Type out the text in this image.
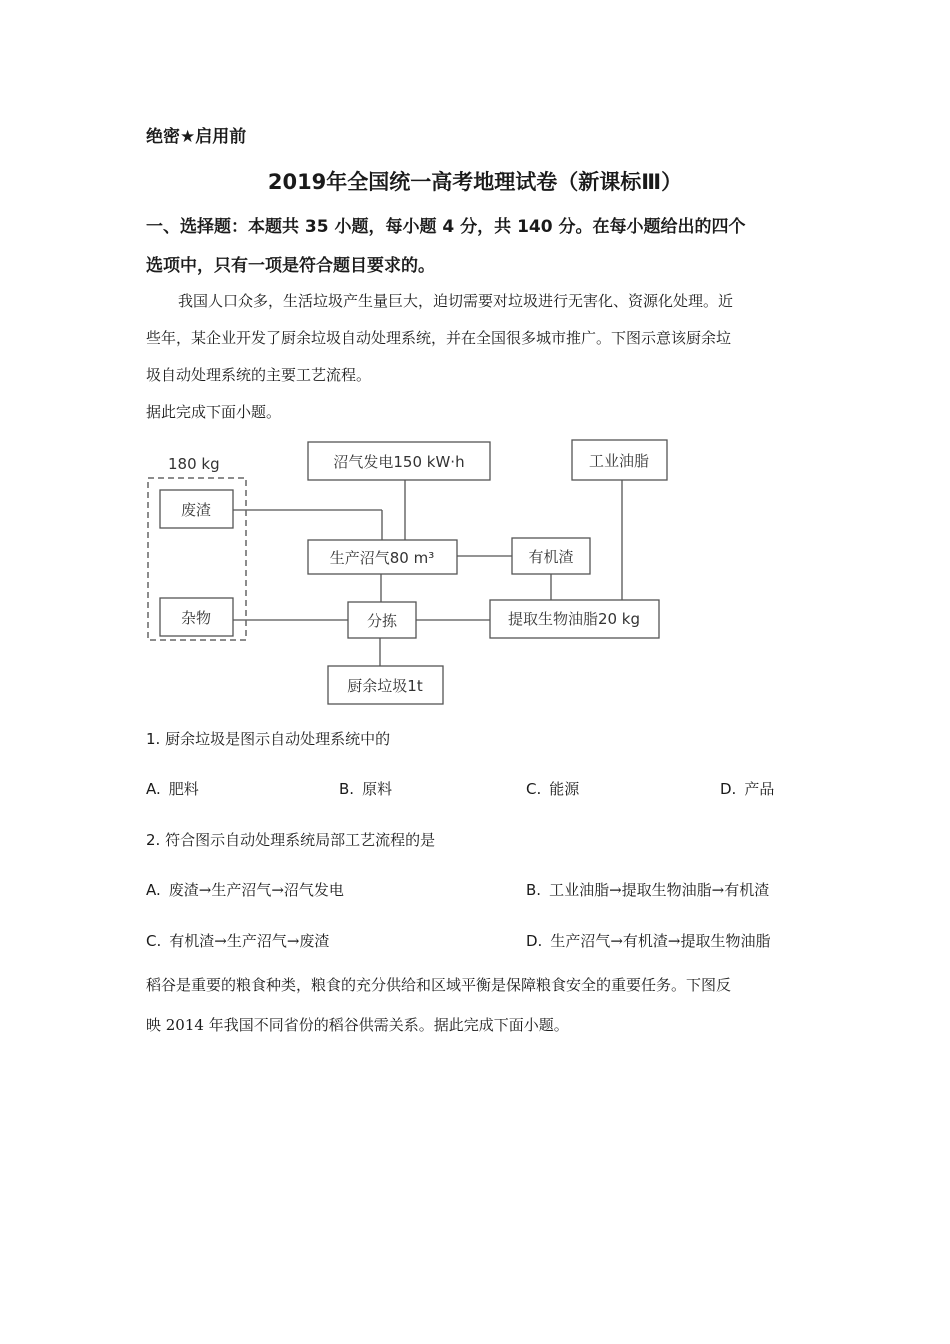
绝密★启用前
2019年全国统一高考地理试卷（新课标Ⅲ）
一、选择题：本题共 35 小题，每小题 4 分，共 140 分。在每小题给出的四个
选项中，只有一项是符合题目要求的。
我国人口众多，生活垃圾产生量巨大，迫切需要对垃圾进行无害化、资源化处理。近
些年，某企业开发了厨余垃圾自动处理系统，并在全国很多城市推广。下图示意该厨余垃
圾自动处理系统的主要工艺流程。
据此完成下面小题。
180 kg
废渣
杂物
沼气发电150 kW·h
生产沼气80 m³	有机渣
分拣
厨余垃圾1t
工业油脂
提取生物油脂20 kg
1. 厨余垃圾是图示自动处理系统中的
A. 肥料	B. 原料	C. 能源	D. 产品
2. 符合图示自动处理系统局部工艺流程的是
A. 废渣→生产沼气→沼气发电	B. 工业油脂→提取生物油脂→有机渣
C. 有机渣→生产沼气→废渣	D. 生产沼气→有机渣→提取生物油脂
稻谷是重要的粮食种类，粮食的充分供给和区域平衡是保障粮食安全的重要任务。下图反
映 2014 年我国不同省份的稻谷供需关系。据此完成下面小题。
